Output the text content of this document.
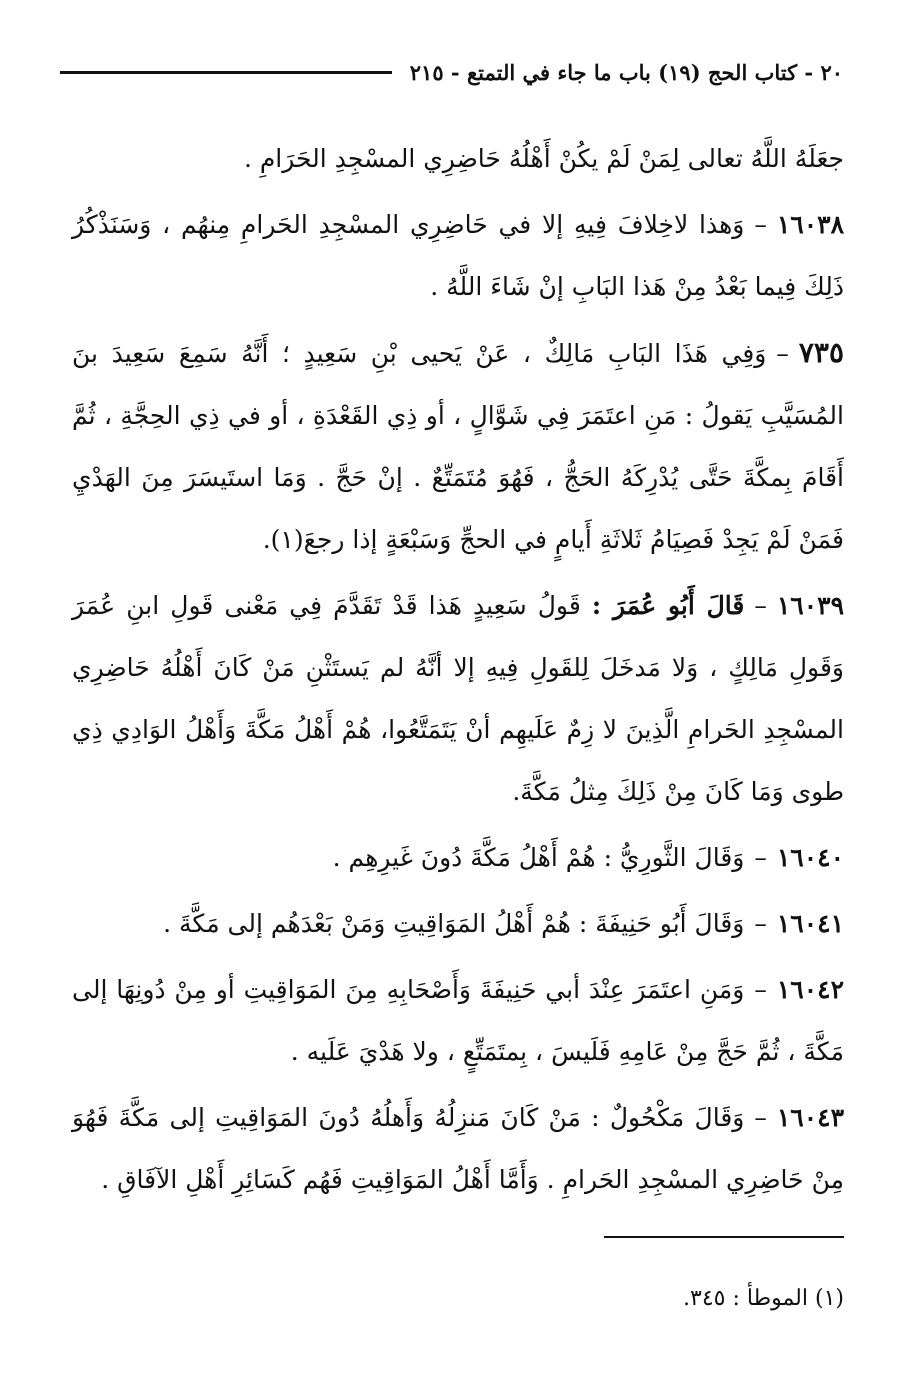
٢٠ - كتاب الحج (١٩) باب ما جاء في التمتع - ٢١٥

جعَلَهُ اللَّهُ تعالى لِمَنْ لَمْ يكُنْ أَهْلُهُ حَاضِرِي المسْجِدِ الحَرَامِ .

١٦٠٣٨–وَهذا لاخِلافَ فِيهِ إلا في حَاضِرِي المسْجِدِ الحَرامِ مِنهُم ، وَسَنَذْكُرُ ذَلِكَ فِيما بَعْدُ مِنْ هَذا البَابِ إنْ شَاءَ اللَّهُ .

٧٣٥–وَفِي هَذَا البَابِ مَالِكٌ ، عَنْ يَحيى بْنِ سَعِيدٍ ؛ أَنَّهُ سَمِعَ سَعِيدَ بنَ المُسَيَّبِ يَقولُ : مَنِ اعتَمَرَ فِي شَوَّالٍ ، أو ذِي القَعْدَةِ ، أو في ذِي الحِجَّةِ ، ثُمَّ أَقَامَ بِمكَّةَ حَتَّى يُدْرِكَهُ الحَجُّ ، فَهُوَ مُتَمَتِّعٌ . إنْ حَجَّ . وَمَا استَيسَرَ مِنَ الهَدْيِ فَمَنْ لَمْ يَجِدْ فَصِيَامُ ثَلاثَةِ أَيامٍ في الحجِّ وَسَبْعَةٍ إذا رجعَ(١).

١٦٠٣٩–قَالَ أَبُو عُمَرَ : قَولُ سَعِيدٍ هَذا قَدْ تَقَدَّمَ فِي مَعْنى قَولِ ابنِ عُمَرَ وَقَولِ مَالِكٍ ، وَلا مَدخَلَ لِلقَولِ فِيهِ إلا أنَّهُ لم يَستَثْنِ مَنْ كَانَ أَهْلُهُ حَاضِرِي المسْجِدِ الحَرامِ الَّذِينَ لا زِمٌ عَلَيهِم أنْ يَتَمَتَّعُوا، هُمْ أَهْلُ مَكَّةَ وَأَهْلُ الوَادِي ذِي طوى وَمَا كَانَ مِنْ ذَلِكَ مِثلُ مَكَّةَ.

١٦٠٤٠–وَقَالَ الثَّورِيُّ : هُمْ أَهْلُ مَكَّةَ دُونَ غَيرِهِم .

١٦٠٤١–وَقَالَ أَبُو حَنِيفَةَ : هُمْ أَهْلُ المَوَاقِيتِ وَمَنْ بَعْدَهُم إلى مَكَّةَ .

١٦٠٤٢–وَمَنِ اعتَمَرَ عِنْدَ أبي حَنِيفَةَ وَأَصْحَابِهِ مِنَ المَوَاقِيتِ أو مِنْ دُونِهَا إلى مَكَّةَ ، ثُمَّ حَجَّ مِنْ عَامِهِ فَلَيسَ ، بِمتَمَتِّعٍ ، ولا هَدْيَ عَلَيه .

١٦٠٤٣–وَقَالَ مَكْحُولٌ : مَنْ كَانَ مَنزِلُهُ وَأَهلُهُ دُونَ المَوَاقِيتِ إلى مَكَّةَ فَهُوَ مِنْ حَاضِرِي المسْجِدِ الحَرامِ . وَأَمَّا أَهْلُ المَوَاقِيتِ فَهُم كَسَائِرِ أَهْلِ الآفَاقِ .

(١) الموطأ : ٣٤٥.
